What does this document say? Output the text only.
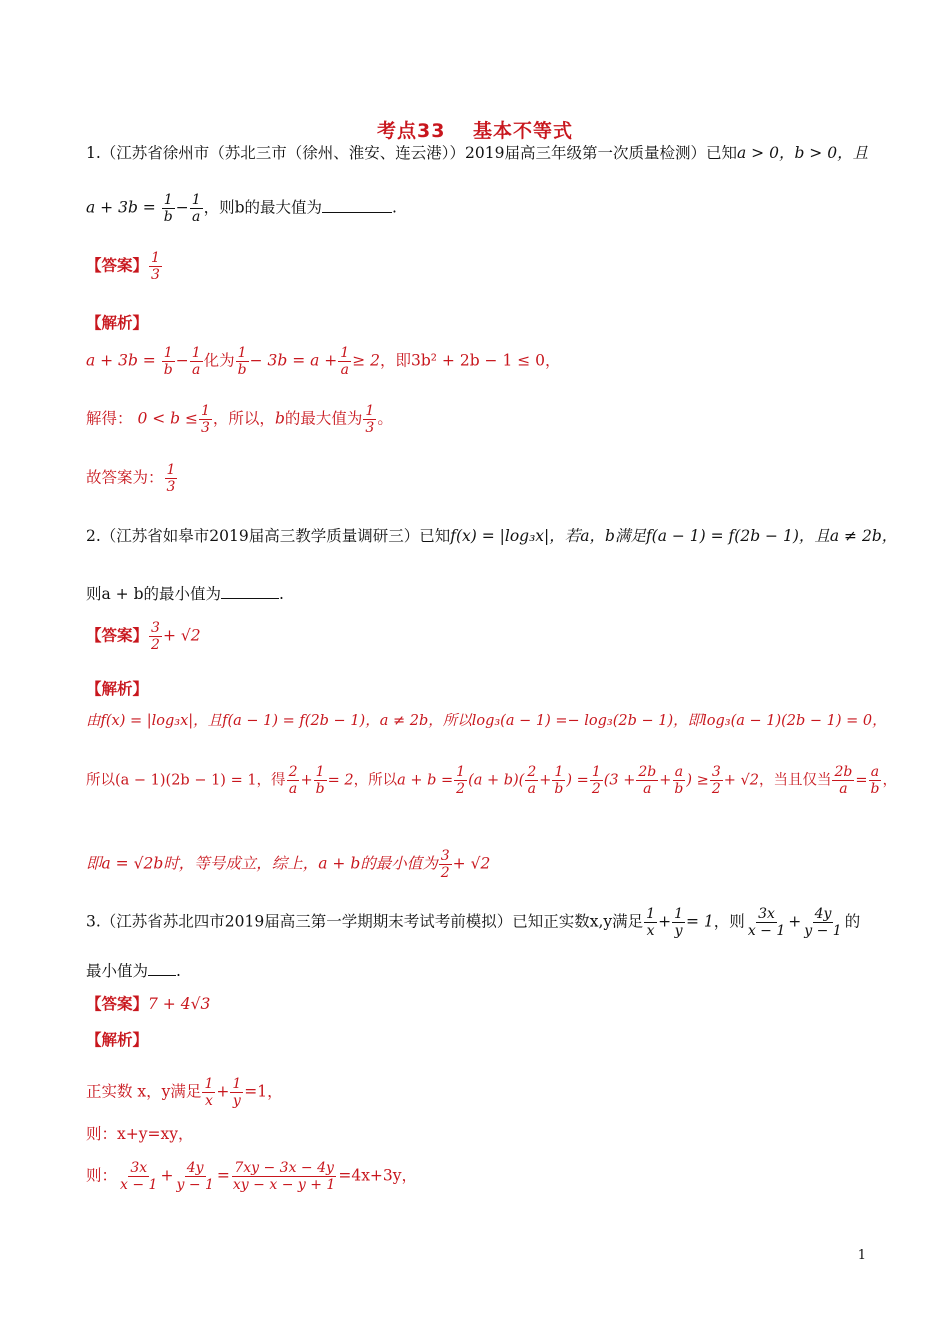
考点33　 基本不等式
1.（江苏省徐州市（苏北三市（徐州、淮安、连云港））2019届高三年级第一次质量检测）已知a > 0，b > 0，且
$a + 3b = \frac{1}{b} - \frac{1}{a}$ ，则b的最大值为	.
【答案】 $\frac{1}{3}$
【解析】
$a + 3b = \frac{1}{b} - \frac{1}{a}$ 化为 $\frac{1}{b} - 3b = a + \frac{1}{a} \ge 2$，即3b² + 2b − 1 ≤ 0，
解得： $0 < b \le \frac{1}{3}$ ，所以，b的最大值为 $\frac{1}{3}$ 。
故答案为： $\frac{1}{3}$
2.（江苏省如皋市2019届高三教学质量调研三）已知f(x) = |log₃x|，若a，b满足f(a − 1) = f(2b − 1)，且a ≠ 2b，
则a + b的最小值为	.
【答案】 $\frac{3}{2} + √2$
【解析】
由f(x) = |log₃x|，且f(a − 1) = f(2b − 1)，a ≠ 2b，所以log₃(a − 1) =− log₃(2b − 1)，即log₃(a − 1)(2b − 1) = 0，
所以(a − 1)(2b − 1) = 1，得 $\frac{2}{a} + \frac{1}{b} = 2$，所以$a + b = \frac{1}{2} (a + b)( \frac{2}{a} + \frac{1}{b}$ ) = $\frac{1}{2} (3 + \frac{2b}{a} + \frac{a}{b}$ ) ≥ $\frac{3}{2} + √2$，当且仅当 $\frac{2b}{a} = \frac{a}{b}$ ，
即a = √2b时，等号成立，综上，a + b的最小值为 $\frac{3}{2} + √2$
3.（江苏省苏北四市2019届高三第一学期期末考试考前模拟）已知正实数x,y满足 $\frac{1}{x} + \frac{1}{y} = 1$，则 $\frac{3x}{x - 1} + \frac{4y}{y - 1}$ 的
最小值为 .
【答案】7 + 4√3
【解析】
正实数 x，y满足 $\frac{1}{x} + \frac{1}{y} =1$，
则：x+y=xy，
则： $\frac{3x}{x - 1} + \frac{4y}{y - 1} = \frac{7xy - 3x - 4y}{xy - x - y + 1} =4x+3y$，
1
